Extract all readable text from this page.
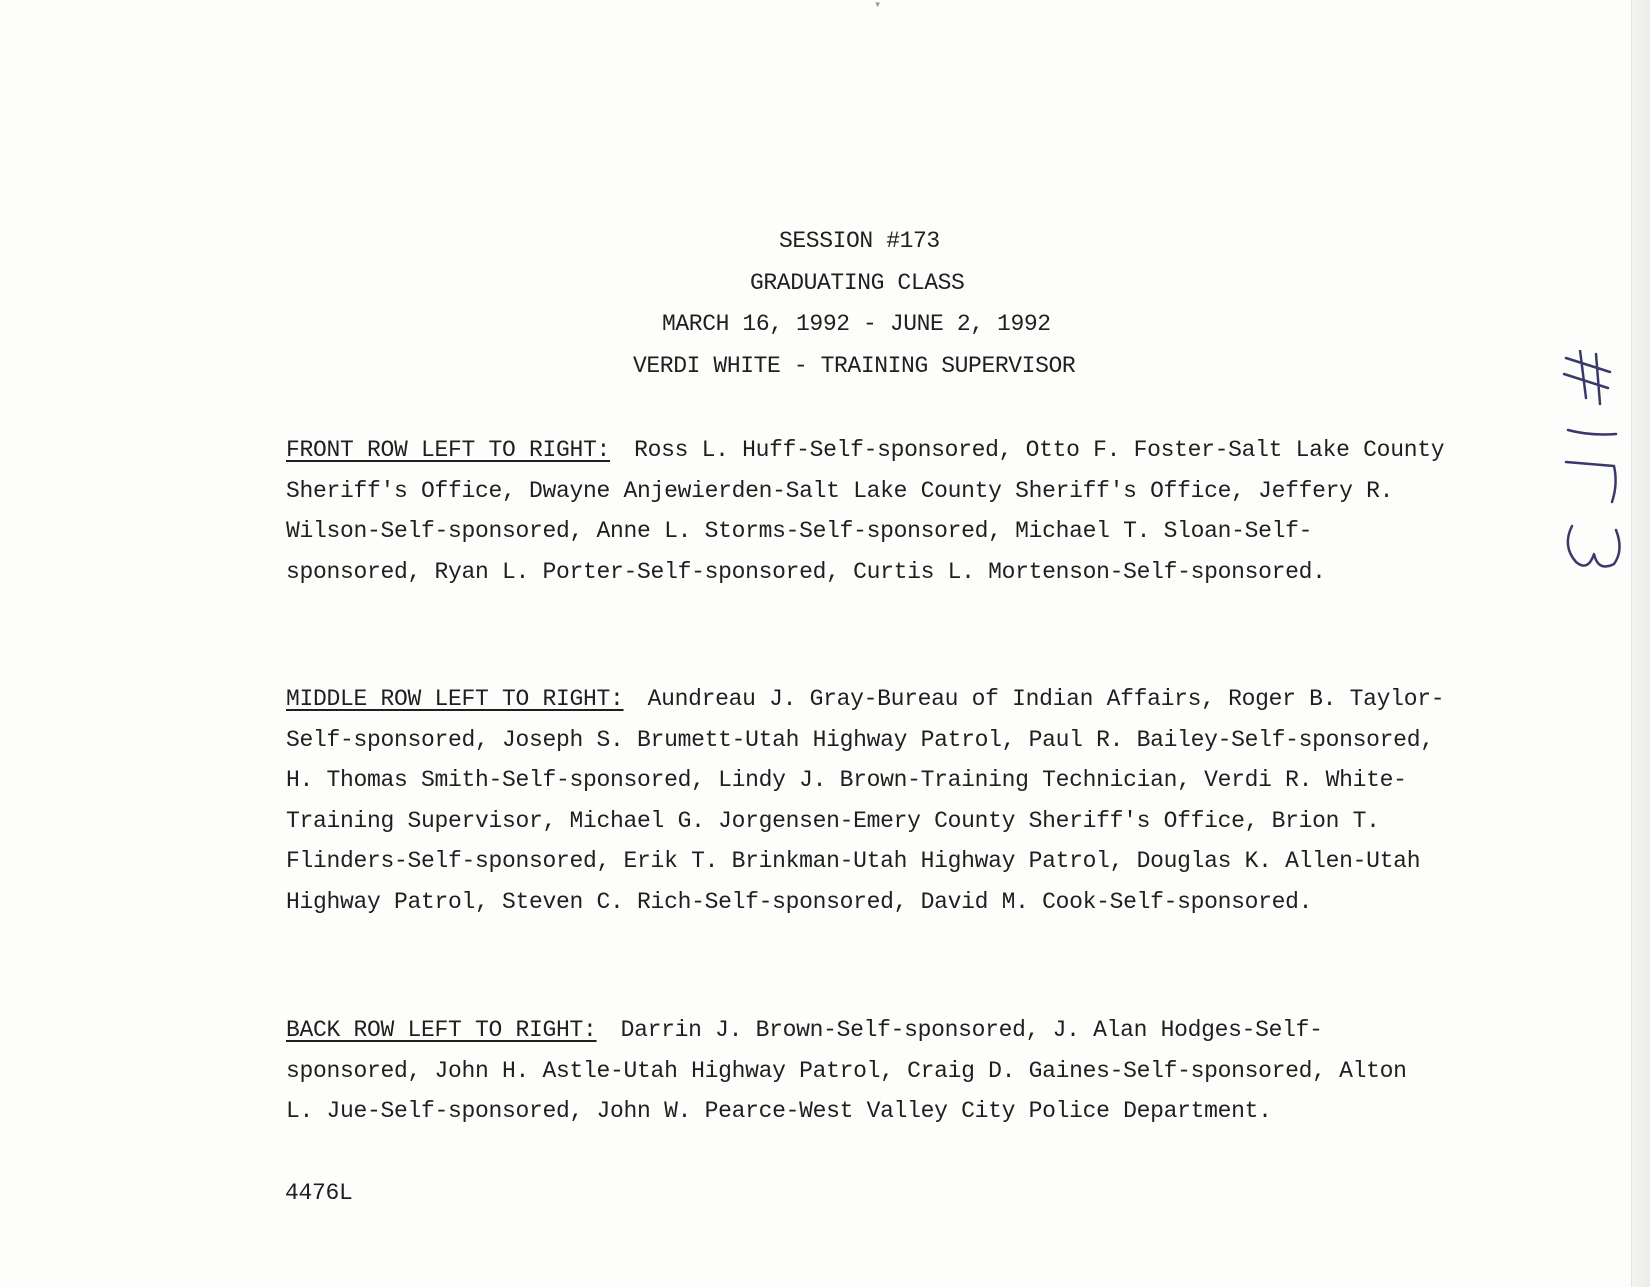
▾
SESSION #173
GRADUATING CLASS
MARCH 16, 1992 - JUNE 2, 1992
VERDI WHITE - TRAINING SUPERVISOR
FRONT ROW LEFT TO RIGHT: Ross L. Huff-Self-sponsored, Otto F. Foster-Salt Lake County Sheriff's Office, Dwayne Anjewierden-Salt Lake County Sheriff's Office, Jeffery R. Wilson-Self-sponsored, Anne L. Storms-Self-sponsored, Michael T. Sloan-Self-sponsored, Ryan L. Porter-Self-sponsored, Curtis L. Mortenson-Self-sponsored.
MIDDLE ROW LEFT TO RIGHT: Aundreau J. Gray-Bureau of Indian Affairs, Roger B. Taylor-Self-sponsored, Joseph S. Brumett-Utah Highway Patrol, Paul R. Bailey-Self-sponsored, H. Thomas Smith-Self-sponsored, Lindy J. Brown-Training Technician, Verdi R. White-Training Supervisor, Michael G. Jorgensen-Emery County Sheriff's Office, Brion T. Flinders-Self-sponsored, Erik T. Brinkman-Utah Highway Patrol, Douglas K. Allen-Utah Highway Patrol, Steven C. Rich-Self-sponsored, David M. Cook-Self-sponsored.
BACK ROW LEFT TO RIGHT: Darrin J. Brown-Self-sponsored, J. Alan Hodges-Self-sponsored, John H. Astle-Utah Highway Patrol, Craig D. Gaines-Self-sponsored, Alton L. Jue-Self-sponsored, John W. Pearce-West Valley City Police Department.
4476L
